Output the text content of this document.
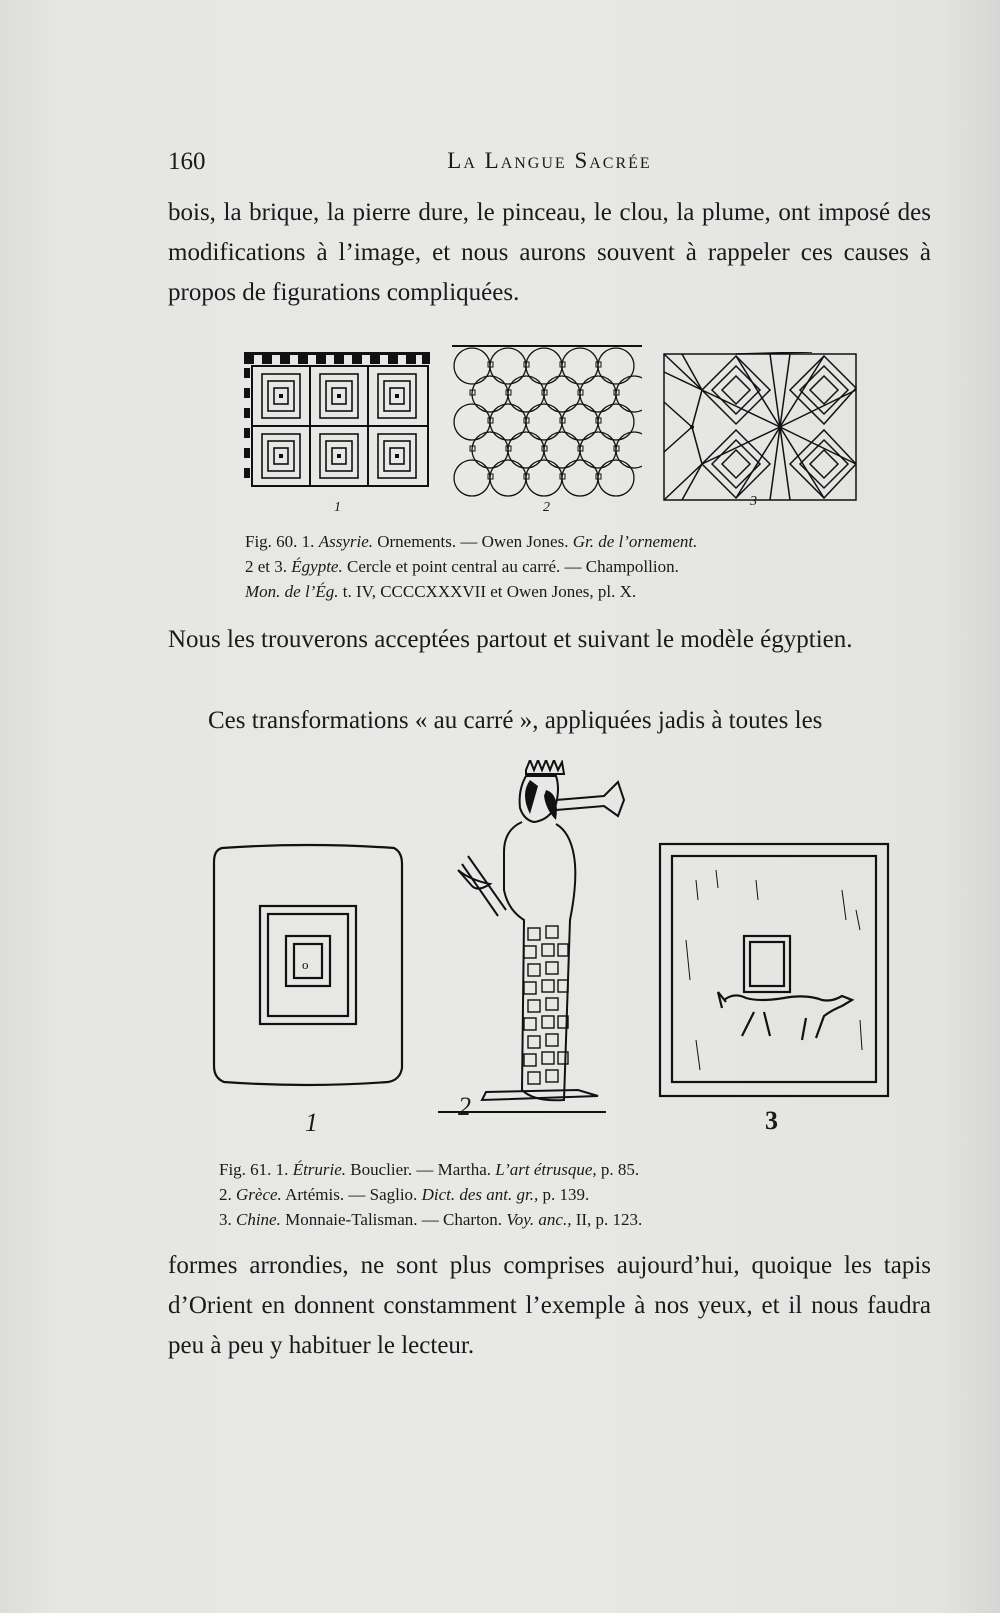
160	La Langue Sacrée

bois, la brique, la pierre dure, le pinceau, le clou, la plume, ont imposé des modifications à l’image, et nous aurons souvent à rappeler ces causes à propos de figurations compliquées.

1	2	3

Fig. 60. 1. Assyrie. Ornements. — Owen Jones. Gr. de l’ornement.
2 et 3. Égypte. Cercle et point central au carré. — Champollion.
Mon. de l’Ég. t. IV, CCCCXXXVII et Owen Jones, pl. X.

Nous les trouverons acceptées partout et suivant le modèle égyptien.

Ces transformations « au carré », appliquées jadis à toutes les

o
1
2	3

Fig. 61. 1. Étrurie. Bouclier. — Martha. L’art étrusque, p. 85.
2. Grèce. Artémis. — Saglio. Dict. des ant. gr., p. 139.
3. Chine. Monnaie-Talisman. — Charton. Voy. anc., II, p. 123.

formes arrondies, ne sont plus comprises aujourd’hui, quoique les tapis d’Orient en donnent constamment l’exemple à nos yeux, et il nous faudra peu à peu y habituer le lecteur.
